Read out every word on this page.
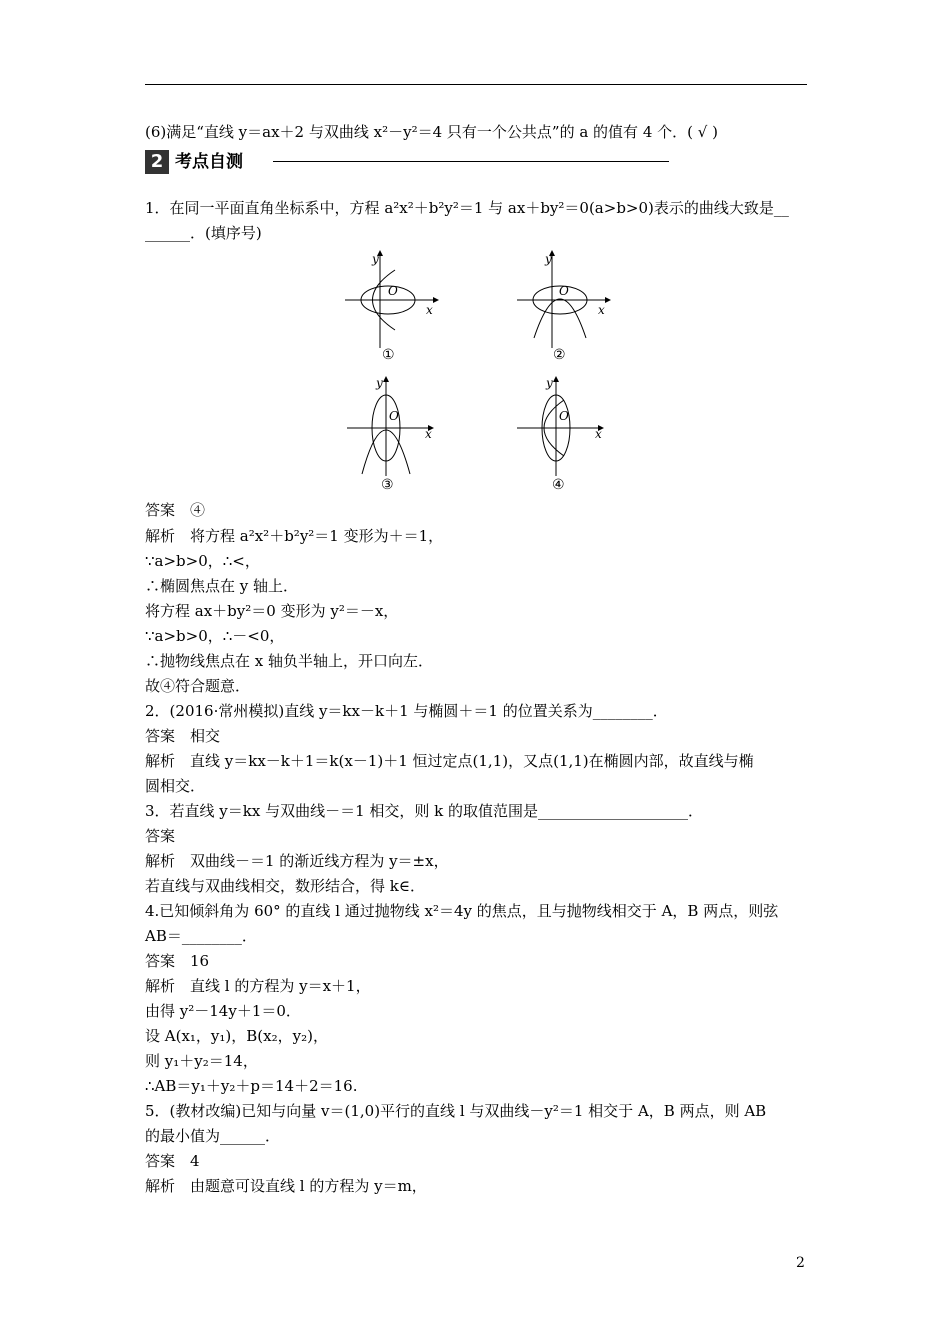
(6)满足“直线 y＝ax＋2 与双曲线 x²－y²＝4 只有一个公共点”的 a 的值有 4 个．( √ )
2 考点自测
1．在同一平面直角坐标系中，方程 a²x²＋b²y²＝1 与 ax＋by²＝0(a>b>0)表示的曲线大致是__
______．(填序号)
①
y
O
x
②
y
O
x
③
y
O
x
④
y
O
x
答案　④
解析　将方程 a²x²＋b²y²＝1 变形为＋＝1，
∵a>b>0，∴<，
∴椭圆焦点在 y 轴上．
将方程 ax＋by²＝0 变形为 y²＝－x，
∵a>b>0，∴－<0，
∴抛物线焦点在 x 轴负半轴上，开口向左．
故④符合题意．
2．(2016·常州模拟)直线 y＝kx－k＋1 与椭圆＋＝1 的位置关系为________．
答案　相交
解析　直线 y＝kx－k＋1＝k(x－1)＋1 恒过定点(1,1)，又点(1,1)在椭圆内部，故直线与椭
圆相交．
3．若直线 y＝kx 与双曲线－＝1 相交，则 k 的取值范围是____________________．
答案
解析　双曲线－＝1 的渐近线方程为 y＝±x，
若直线与双曲线相交，数形结合，得 k∈．
4.已知倾斜角为 60° 的直线 l 通过抛物线 x²＝4y 的焦点，且与抛物线相交于 A，B 两点，则弦
AB＝________．
答案　16
解析　直线 l 的方程为 y＝x＋1，
由得 y²－14y＋1＝0．
设 A(x₁，y₁)，B(x₂，y₂)，
则 y₁＋y₂＝14，
∴AB＝y₁＋y₂＋p＝14＋2＝16.
5．(教材改编)已知与向量 v＝(1,0)平行的直线 l 与双曲线－y²＝1 相交于 A，B 两点，则 AB
的最小值为______．
答案　4
解析　由题意可设直线 l 的方程为 y＝m，
2
